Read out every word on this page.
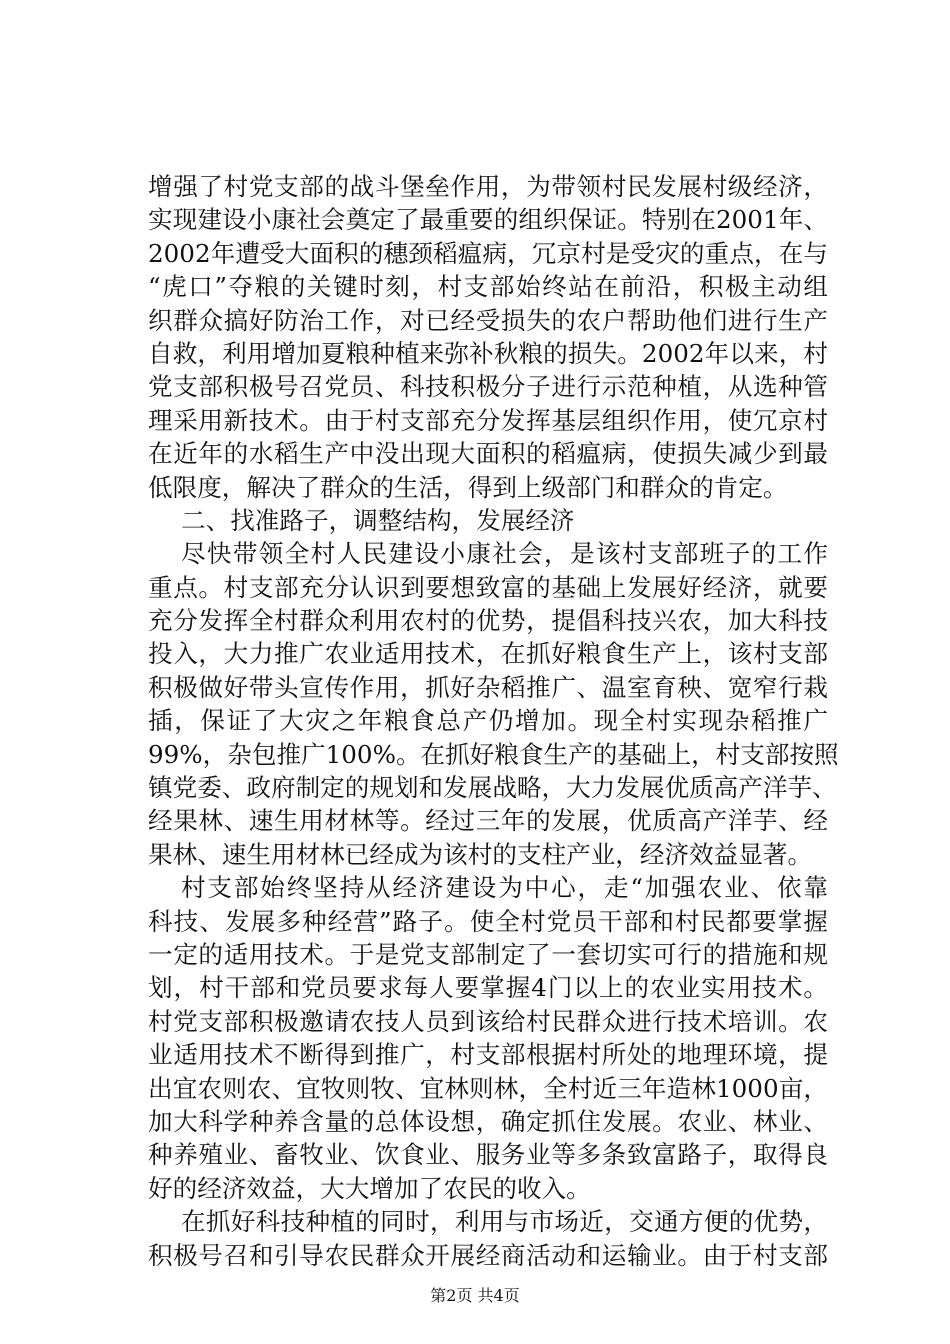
增强了村党支部的战斗堡垒作用，为带领村民发展村级经济，
实现建设小康社会奠定了最重要的组织保证。特别在2001年、
2002年遭受大面积的穗颈稻瘟病，冗京村是受灾的重点，在与
“虎口”夺粮的关键时刻，村支部始终站在前沿，积极主动组
织群众搞好防治工作，对已经受损失的农户帮助他们进行生产
自救，利用增加夏粮种植来弥补秋粮的损失。2002年以来，村
党支部积极号召党员、科技积极分子进行示范种植，从选种管
理采用新技术。由于村支部充分发挥基层组织作用，使冗京村
在近年的水稻生产中没出现大面积的稻瘟病，使损失减少到最
低限度，解决了群众的生活，得到上级部门和群众的肯定。
二、找准路子，调整结构，发展经济
尽快带领全村人民建设小康社会，是该村支部班子的工作
重点。村支部充分认识到要想致富的基础上发展好经济，就要
充分发挥全村群众利用农村的优势，提倡科技兴农，加大科技
投入，大力推广农业适用技术，在抓好粮食生产上，该村支部
积极做好带头宣传作用，抓好杂稻推广、温室育秧、宽窄行栽
插，保证了大灾之年粮食总产仍增加。现全村实现杂稻推广
99%，杂包推广100%。在抓好粮食生产的基础上，村支部按照
镇党委、政府制定的规划和发展战略，大力发展优质高产洋芋、
经果林、速生用材林等。经过三年的发展，优质高产洋芋、经
果林、速生用材林已经成为该村的支柱产业，经济效益显著。
村支部始终坚持从经济建设为中心，走“加强农业、依靠
科技、发展多种经营”路子。使全村党员干部和村民都要掌握
一定的适用技术。于是党支部制定了一套切实可行的措施和规
划，村干部和党员要求每人要掌握4门以上的农业实用技术。
村党支部积极邀请农技人员到该给村民群众进行技术培训。农
业适用技术不断得到推广，村支部根据村所处的地理环境，提
出宜农则农、宜牧则牧、宜林则林，全村近三年造林1000亩，
加大科学种养含量的总体设想，确定抓住发展。农业、林业、
种养殖业、畜牧业、饮食业、服务业等多条致富路子，取得良
好的经济效益，大大增加了农民的收入。
在抓好科技种植的同时，利用与市场近，交通方便的优势，
积极号召和引导农民群众开展经商活动和运输业。由于村支部
第2页 共4页
